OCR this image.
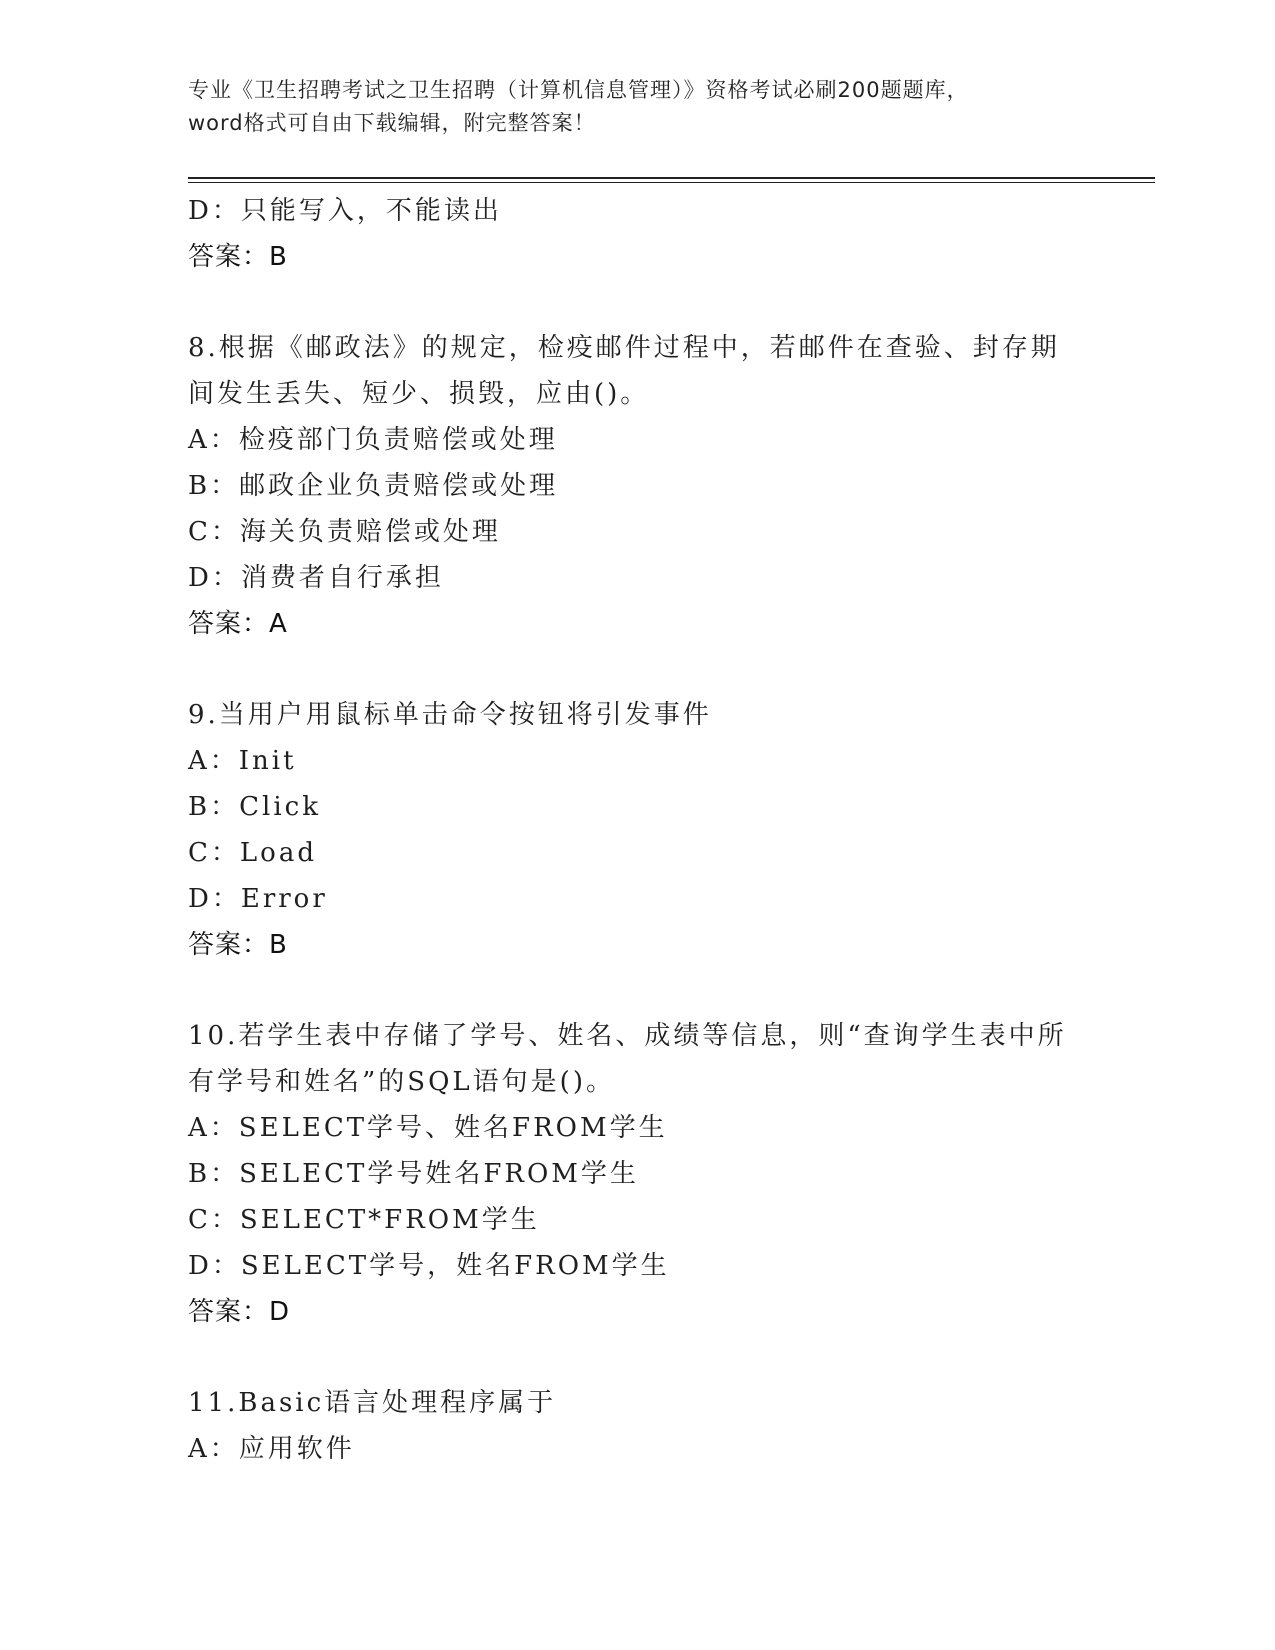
专业《卫生招聘考试之卫生招聘（计算机信息管理）》资格考试必刷200题题库，
word格式可自由下载编辑，附完整答案！
D：只能写入，不能读出
答案：B
8.根据《邮政法》的规定，检疫邮件过程中，若邮件在查验、封存期
间发生丢失、短少、损毁，应由()。
A：检疫部门负责赔偿或处理
B：邮政企业负责赔偿或处理
C：海关负责赔偿或处理
D：消费者自行承担
答案：A
9.当用户用鼠标单击命令按钮将引发事件
A：Init
B：Click
C：Load
D：Error
答案：B
10.若学生表中存储了学号、姓名、成绩等信息，则“查询学生表中所
有学号和姓名”的SQL语句是()。
A：SELECT学号、姓名FROM学生
B：SELECT学号姓名FROM学生
C：SELECT*FROM学生
D：SELECT学号，姓名FROM学生
答案：D
11.Basic语言处理程序属于
A：应用软件
